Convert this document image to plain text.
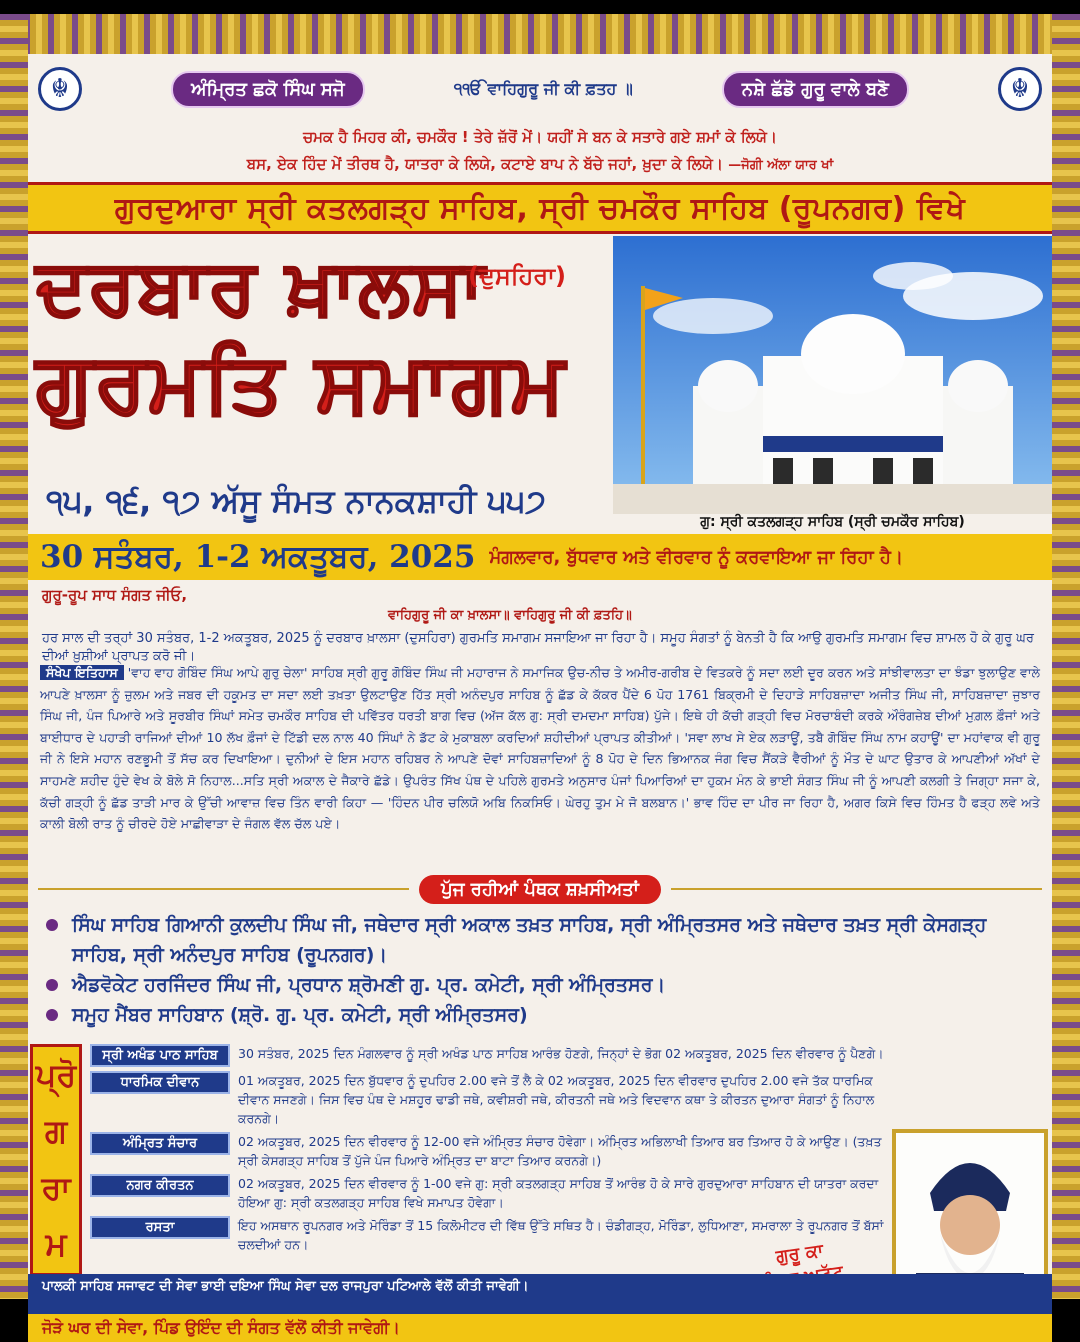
☬	ਅੰਮ੍ਰਿਤ ਛਕੋ ਸਿੰਘ ਸਜੋ	੧ੴ ਵਾਹਿਗੁਰੂ ਜੀ ਕੀ ਫ਼ਤਹ ॥	ਨਸ਼ੇ ਛੱਡੋ ਗੁਰੂ ਵਾਲੇ ਬਣੋ	☬
ਚਮਕ ਹੈ ਮਿਹਰ ਕੀ, ਚਮਕੌਰ ! ਤੇਰੇ ਜ਼ੱਰੋਂ ਮੇਂ। ਯਹੀਂ ਸੇ ਬਨ ਕੇ ਸਤਾਰੇ ਗਏ ਸ਼ਮਾਂ ਕੇ ਲਿਯੇ।
ਬਸ, ਏਕ ਹਿੰਦ ਮੇਂ ਤੀਰਥ ਹੈ, ਯਾਤਰਾ ਕੇ ਲਿਯੇ, ਕਟਾਏ ਬਾਪ ਨੇ ਬੱਚੇ ਜਹਾਂ, ਖ਼ੁਦਾ ਕੇ ਲਿਯੇ। —ਜੋਗੀ ਅੱਲਾ ਯਾਰ ਖਾਂ
ਗੁਰਦੁਆਰਾ ਸ੍ਰੀ ਕਤਲਗੜ੍ਹ ਸਾਹਿਬ, ਸ੍ਰੀ ਚਮਕੌਰ ਸਾਹਿਬ (ਰੂਪਨਗਰ) ਵਿਖੇ
ਦਰਬਾਰ ਖ਼ਾਲਸਾ
(ਦੁਸਹਿਰਾ)
ਗੁਰਮਤਿ ਸਮਾਗਮ
ਗੁ: ਸ੍ਰੀ ਕਤਲਗੜ੍ਹ ਸਾਹਿਬ (ਸ੍ਰੀ ਚਮਕੌਰ ਸਾਹਿਬ)
੧੫, ੧੬, ੧੭ ਅੱਸੂ ਸੰਮਤ ਨਾਨਕਸ਼ਾਹੀ ੫੫੭
30 ਸਤੰਬਰ, 1-2 ਅਕਤੂਬਰ, 2025 ਮੰਗਲਵਾਰ, ਬੁੱਧਵਾਰ ਅਤੇ ਵੀਰਵਾਰ ਨੂੰ ਕਰਵਾਇਆ ਜਾ ਰਿਹਾ ਹੈ।
ਗੁਰੂ-ਰੂਪ ਸਾਧ ਸੰਗਤ ਜੀਓ,
ਵਾਹਿਗੁਰੂ ਜੀ ਕਾ ਖ਼ਾਲਸਾ॥ ਵਾਹਿਗੁਰੂ ਜੀ ਕੀ ਫ਼ਤਹਿ॥
ਹਰ ਸਾਲ ਦੀ ਤਰ੍ਹਾਂ 30 ਸਤੰਬਰ, 1-2 ਅਕਤੂਬਰ, 2025 ਨੂੰ ਦਰਬਾਰ ਖ਼ਾਲਸਾ (ਦੁਸਹਿਰਾ) ਗੁਰਮਤਿ ਸਮਾਗਮ ਸਜਾਇਆ ਜਾ ਰਿਹਾ ਹੈ। ਸਮੂਹ ਸੰਗਤਾਂ ਨੂੰ ਬੇਨਤੀ ਹੈ ਕਿ ਆਉ ਗੁਰਮਤਿ ਸਮਾਗਮ ਵਿਚ ਸ਼ਾਮਲ ਹੋ ਕੇ ਗੁਰੂ ਘਰ ਦੀਆਂ ਖ਼ੁਸ਼ੀਆਂ ਪ੍ਰਾਪਤ ਕਰੋ ਜੀ।
ਸੰਖੇਪ ਇਤਿਹਾਸ 'ਵਾਹ ਵਾਹ ਗੋਬਿੰਦ ਸਿੰਘ ਆਪੇ ਗੁਰੁ ਚੇਲਾ' ਸਾਹਿਬ ਸ੍ਰੀ ਗੁਰੂ ਗੋਬਿੰਦ ਸਿੰਘ ਜੀ ਮਹਾਰਾਜ ਨੇ ਸਮਾਜਿਕ ਉਚ-ਨੀਚ ਤੇ ਅਮੀਰ-ਗਰੀਬ ਦੇ ਵਿਤਕਰੇ ਨੂੰ ਸਦਾ ਲਈ ਦੂਰ ਕਰਨ ਅਤੇ ਸਾਂਝੀਵਾਲਤਾ ਦਾ ਝੰਡਾ ਝੁਲਾਉਣ ਵਾਲੇ ਆਪਣੇ ਖ਼ਾਲਸਾ ਨੂੰ ਜ਼ੁਲਮ ਅਤੇ ਜਬਰ ਦੀ ਹਕੂਮਤ ਦਾ ਸਦਾ ਲਈ ਤਖ਼ਤਾ ਉਲਟਾਉਣ ਹਿੱਤ ਸ੍ਰੀ ਅਨੰਦਪੁਰ ਸਾਹਿਬ ਨੂੰ ਛੱਡ ਕੇ ਕੱਕਰ ਪੈਂਦੇ 6 ਪੋਹ 1761 ਬਿਕ੍ਰਮੀ ਦੇ ਦਿਹਾੜੇ ਸਾਹਿਬਜ਼ਾਦਾ ਅਜੀਤ ਸਿੰਘ ਜੀ, ਸਾਹਿਬਜ਼ਾਦਾ ਜੁਝਾਰ ਸਿੰਘ ਜੀ, ਪੰਜ ਪਿਆਰੇ ਅਤੇ ਸੂਰਬੀਰ ਸਿੰਘਾਂ ਸਮੇਤ ਚਮਕੌਰ ਸਾਹਿਬ ਦੀ ਪਵਿੱਤਰ ਧਰਤੀ ਬਾਗ ਵਿਚ (ਅੱਜ ਕੱਲ ਗੁ: ਸ੍ਰੀ ਦਮਦਮਾ ਸਾਹਿਬ) ਪੁੱਜੇ। ਇਥੇ ਹੀ ਕੱਚੀ ਗੜ੍ਹੀ ਵਿਚ ਮੋਰਚਾਬੰਦੀ ਕਰਕੇ ਔਰੰਗਜ਼ੇਬ ਦੀਆਂ ਮੁਗ਼ਲ ਫ਼ੌਜਾਂ ਅਤੇ ਬਾਈਧਾਰ ਦੇ ਪਹਾੜੀ ਰਾਜਿਆਂ ਦੀਆਂ 10 ਲੱਖ ਫ਼ੌਜਾਂ ਦੇ ਟਿੱਡੀ ਦਲ ਨਾਲ 40 ਸਿੰਘਾਂ ਨੇ ਡੱਟ ਕੇ ਮੁਕਾਬਲਾ ਕਰਦਿਆਂ ਸ਼ਹੀਦੀਆਂ ਪ੍ਰਾਪਤ ਕੀਤੀਆਂ। 'ਸਵਾ ਲਾਖ ਸੇ ਏਕ ਲੜਾਊਂ, ਤਬੈ ਗੋਬਿੰਦ ਸਿੰਘ ਨਾਮ ਕਹਾਊਂ' ਦਾ ਮਹਾਂਵਾਕ ਵੀ ਗੁਰੂ ਜੀ ਨੇ ਇਸੇ ਮਹਾਨ ਰਣਭੂਮੀ ਤੋਂ ਸੱਚ ਕਰ ਦਿਖਾਇਆ। ਦੁਨੀਆਂ ਦੇ ਇਸ ਮਹਾਨ ਰਹਿਬਰ ਨੇ ਆਪਣੇ ਦੋਵਾਂ ਸਾਹਿਬਜ਼ਾਦਿਆਂ ਨੂੰ 8 ਪੋਹ ਦੇ ਦਿਨ ਭਿਆਨਕ ਜੰਗ ਵਿਚ ਸੈਂਕੜੇ ਵੈਰੀਆਂ ਨੂੰ ਮੌਤ ਦੇ ਘਾਟ ਉਤਾਰ ਕੇ ਆਪਣੀਆਂ ਅੱਖਾਂ ਦੇ ਸਾਹਮਣੇ ਸ਼ਹੀਦ ਹੁੰਦੇ ਵੇਖ ਕੇ ਬੋਲੇ ਸੋ ਨਿਹਾਲ...ਸਤਿ ਸ੍ਰੀ ਅਕਾਲ ਦੇ ਜੈਕਾਰੇ ਛੱਡੇ। ਉਪਰੰਤ ਸਿੱਖ ਪੰਥ ਦੇ ਪਹਿਲੇ ਗੁਰਮਤੇ ਅਨੁਸਾਰ ਪੰਜਾਂ ਪਿਆਰਿਆਂ ਦਾ ਹੁਕਮ ਮੰਨ ਕੇ ਭਾਈ ਸੰਗਤ ਸਿੰਘ ਜੀ ਨੂੰ ਆਪਣੀ ਕਲਗੀ ਤੇ ਜਿਗ੍ਹਾ ਸਜਾ ਕੇ, ਕੱਚੀ ਗੜ੍ਹੀ ਨੂੰ ਛੱਡ ਤਾੜੀ ਮਾਰ ਕੇ ਉੱਚੀ ਆਵਾਜ਼ ਵਿਚ ਤਿੰਨ ਵਾਰੀ ਕਿਹਾ — 'ਹਿੰਦਨ ਪੀਰ ਚਲਿਯੋ ਅਬਿ ਨਿਕਸਿਓ। ਘੇਰਹੁ ਤੁਮ ਮੇ ਜੋ ਬਲਬਾਨ।' ਭਾਵ ਹਿੰਦ ਦਾ ਪੀਰ ਜਾ ਰਿਹਾ ਹੈ, ਅਗਰ ਕਿਸੇ ਵਿਚ ਹਿੰਮਤ ਹੈ ਫੜ੍ਹ ਲਵੇ ਅਤੇ ਕਾਲੀ ਬੋਲੀ ਰਾਤ ਨੂੰ ਚੀਰਦੇ ਹੋਏ ਮਾਛੀਵਾੜਾ ਦੇ ਜੰਗਲ ਵੱਲ ਚੱਲ ਪਏ।
ਪੁੱਜ ਰਹੀਆਂ ਪੰਥਕ ਸ਼ਖ਼ਸੀਅਤਾਂ
ਸਿੰਘ ਸਾਹਿਬ ਗਿਆਨੀ ਕੁਲਦੀਪ ਸਿੰਘ ਜੀ, ਜਥੇਦਾਰ ਸ੍ਰੀ ਅਕਾਲ ਤਖ਼ਤ ਸਾਹਿਬ, ਸ੍ਰੀ ਅੰਮ੍ਰਿਤਸਰ ਅਤੇ ਜਥੇਦਾਰ ਤਖ਼ਤ ਸ੍ਰੀ ਕੇਸਗੜ੍ਹ ਸਾਹਿਬ, ਸ੍ਰੀ ਅਨੰਦਪੁਰ ਸਾਹਿਬ (ਰੂਪਨਗਰ)।
ਐਡਵੋਕੇਟ ਹਰਜਿੰਦਰ ਸਿੰਘ ਜੀ, ਪ੍ਰਧਾਨ ਸ਼੍ਰੋਮਣੀ ਗੁ. ਪ੍ਰ. ਕਮੇਟੀ, ਸ੍ਰੀ ਅੰਮ੍ਰਿਤਸਰ।
ਸਮੂਹ ਮੈਂਬਰ ਸਾਹਿਬਾਨ (ਸ਼੍ਰੋ. ਗੁ. ਪ੍ਰ. ਕਮੇਟੀ, ਸ੍ਰੀ ਅੰਮ੍ਰਿਤਸਰ)
ਪ੍ਰੋ
ਗ
ਰਾ
ਮ
ਸ੍ਰੀ ਅਖੰਡ ਪਾਠ ਸਾਹਿਬ	30 ਸਤੰਬਰ, 2025 ਦਿਨ ਮੰਗਲਵਾਰ ਨੂੰ ਸ੍ਰੀ ਅਖੰਡ ਪਾਠ ਸਾਹਿਬ ਆਰੰਭ ਹੋਣਗੇ, ਜਿਨ੍ਹਾਂ ਦੇ ਭੋਗ 02 ਅਕਤੂਬਰ, 2025 ਦਿਨ ਵੀਰਵਾਰ ਨੂੰ ਪੈਣਗੇ।
ਧਾਰਮਿਕ ਦੀਵਾਨ	01 ਅਕਤੂਬਰ, 2025 ਦਿਨ ਬੁੱਧਵਾਰ ਨੂੰ ਦੁਪਹਿਰ 2.00 ਵਜੇ ਤੋਂ ਲੈ ਕੇ 02 ਅਕਤੂਬਰ, 2025 ਦਿਨ ਵੀਰਵਾਰ ਦੁਪਹਿਰ 2.00 ਵਜੇ ਤੱਕ ਧਾਰਮਿਕ ਦੀਵਾਨ ਸਜਣਗੇ। ਜਿਸ ਵਿਚ ਪੰਥ ਦੇ ਮਸ਼ਹੂਰ ਢਾਡੀ ਜਥੇ, ਕਵੀਸ਼ਰੀ ਜਥੇ, ਕੀਰਤਨੀ ਜਥੇ ਅਤੇ ਵਿਦਵਾਨ ਕਥਾ ਤੇ ਕੀਰਤਨ ਦੁਆਰਾ ਸੰਗਤਾਂ ਨੂੰ ਨਿਹਾਲ ਕਰਨਗੇ।
ਅੰਮ੍ਰਿਤ ਸੰਚਾਰ	02 ਅਕਤੂਬਰ, 2025 ਦਿਨ ਵੀਰਵਾਰ ਨੂੰ 12-00 ਵਜੇ ਅੰਮ੍ਰਿਤ ਸੰਚਾਰ ਹੋਵੇਗਾ। ਅੰਮ੍ਰਿਤ ਅਭਿਲਾਖੀ ਤਿਆਰ ਬਰ ਤਿਆਰ ਹੋ ਕੇ ਆਉਣ। (ਤਖ਼ਤ ਸ੍ਰੀ ਕੇਸਗੜ੍ਹ ਸਾਹਿਬ ਤੋਂ ਪੁੱਜੇ ਪੰਜ ਪਿਆਰੇ ਅੰਮ੍ਰਿਤ ਦਾ ਬਾਟਾ ਤਿਆਰ ਕਰਨਗੇ।)
ਨਗਰ ਕੀਰਤਨ	02 ਅਕਤੂਬਰ, 2025 ਦਿਨ ਵੀਰਵਾਰ ਨੂੰ 1-00 ਵਜੇ ਗੁ: ਸ੍ਰੀ ਕਤਲਗੜ੍ਹ ਸਾਹਿਬ ਤੋਂ ਆਰੰਭ ਹੋ ਕੇ ਸਾਰੇ ਗੁਰਦੁਆਰਾ ਸਾਹਿਬਾਨ ਦੀ ਯਾਤਰਾ ਕਰਦਾ ਹੋਇਆ ਗੁ: ਸ੍ਰੀ ਕਤਲਗੜ੍ਹ ਸਾਹਿਬ ਵਿਖੇ ਸਮਾਪਤ ਹੋਵੇਗਾ।
ਰਸਤਾ	ਇਹ ਅਸਥਾਨ ਰੂਪਨਗਰ ਅਤੇ ਮੋਰਿੰਡਾ ਤੋਂ 15 ਕਿਲੋਮੀਟਰ ਦੀ ਵਿੱਥ ਉੱਤੇ ਸਥਿਤ ਹੈ। ਚੰਡੀਗੜ੍ਹ, ਮੋਰਿੰਡਾ, ਲੁਧਿਆਣਾ, ਸਮਰਾਲਾ ਤੇ ਰੂਪਨਗਰ ਤੋਂ ਬੱਸਾਂ ਚਲਦੀਆਂ ਹਨ।	ਗੁਰੂ ਕਾ
ਪਾਲਕੀ ਸਾਹਿਬ ਸਜਾਵਟ ਦੀ ਸੇਵਾ ਭਾਈ ਦਇਆ ਸਿੰਘ ਸੇਵਾ ਦਲ ਰਾਜਪੁਰਾ ਪਟਿਆਲੇ ਵੱਲੋਂ ਕੀਤੀ ਜਾਵੇਗੀ।
ਜੋੜੇ ਘਰ ਦੀ ਸੇਵਾ, ਪਿੰਡ ਉਇੰਦ ਦੀ ਸੰਗਤ ਵੱਲੋਂ ਕੀਤੀ ਜਾਵੇਗੀ।
